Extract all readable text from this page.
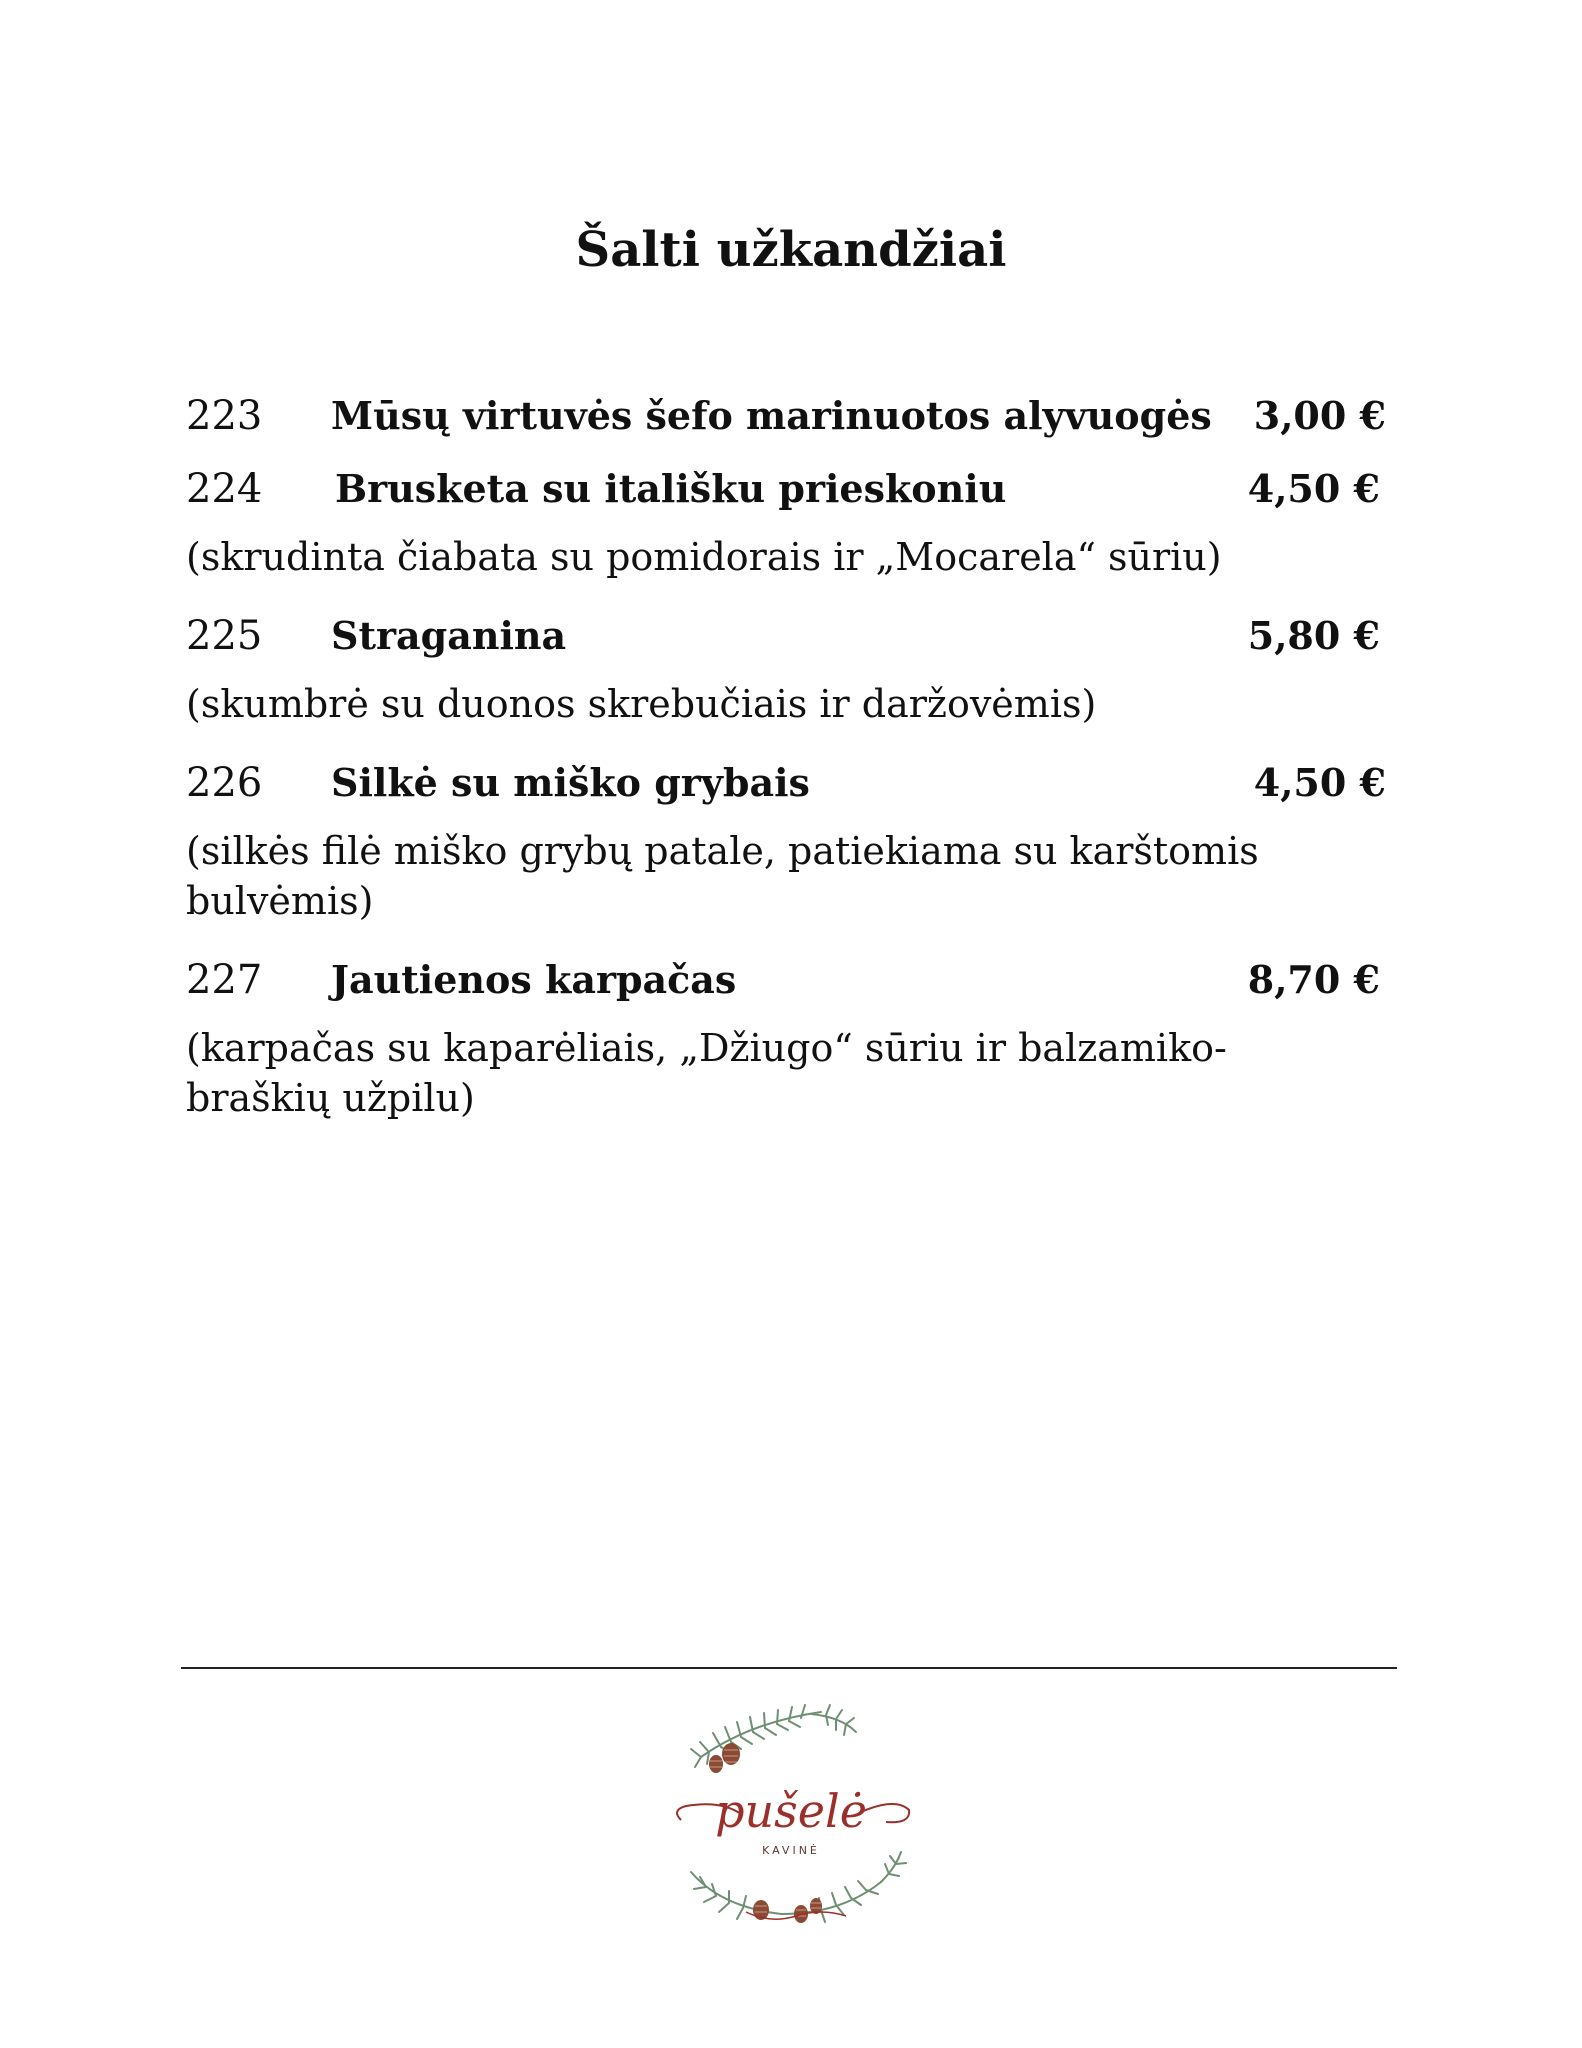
Šalti užkandžiai
223 Mūsų virtuvės šefo marinuotos alyvuogės 3,00 €
224 Brusketa su itališku prieskoniu	4,50 €

(skrudinta čiabata su pomidorais ir „Mocarela“ sūriu)

225 Straganina	5,80 €

(skumbrė su duonos skrebučiais ir daržovėmis)

226 Silkė su miško grybais	4,50 €

(silkės filė miško grybų patale, patiekiama su karštomis bulvėmis)

227 Jautienos karpačas	8,70 €

(karpačas su kaparėliais, „Džiugo“ sūriu ir balzamiko-braškių užpilu)

pušelė
KAVINĖ
